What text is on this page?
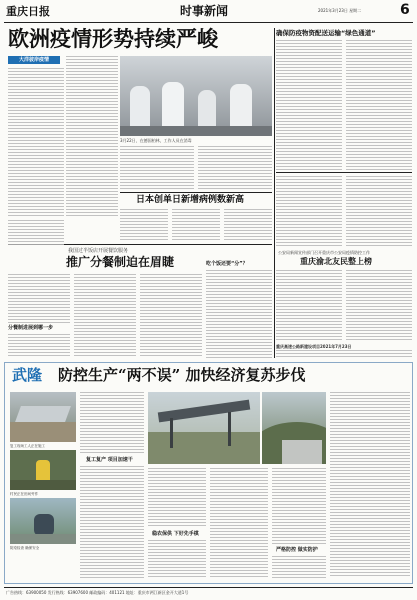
重庆日报	时事新闻	2021年3月23日 星期二	6
欧洲疫情形势持续严峻
大洋彼岸疫情
3月22日，在德国柏林，工作人员在消毒
日本创单日新增病例数新高
确保防疫物资配送运输“绿色通道”
我国过半饭店开展餐饮服务
推广分餐制迫在眉睫
分餐制进展到哪一步
吃个饭还要“分”？
公安局新闻宣传部门召开重庆市公安局疫情防控工作
重庆渝北友民整上榜
重庆高速公路新建设项目2021年7月23日
武隆 防控生产“两不误” 加快经济复苏步伐
复工现场工人正在施工
村民正在田间劳作
防疫检查 确保安全
复工复产 项目加速干
稳农保供 下好先手棋
严格防控 做实防护
广告热线：63900050 发行热线：63907600 邮政编码：401121 地址：重庆市两江新区金开大道1号
